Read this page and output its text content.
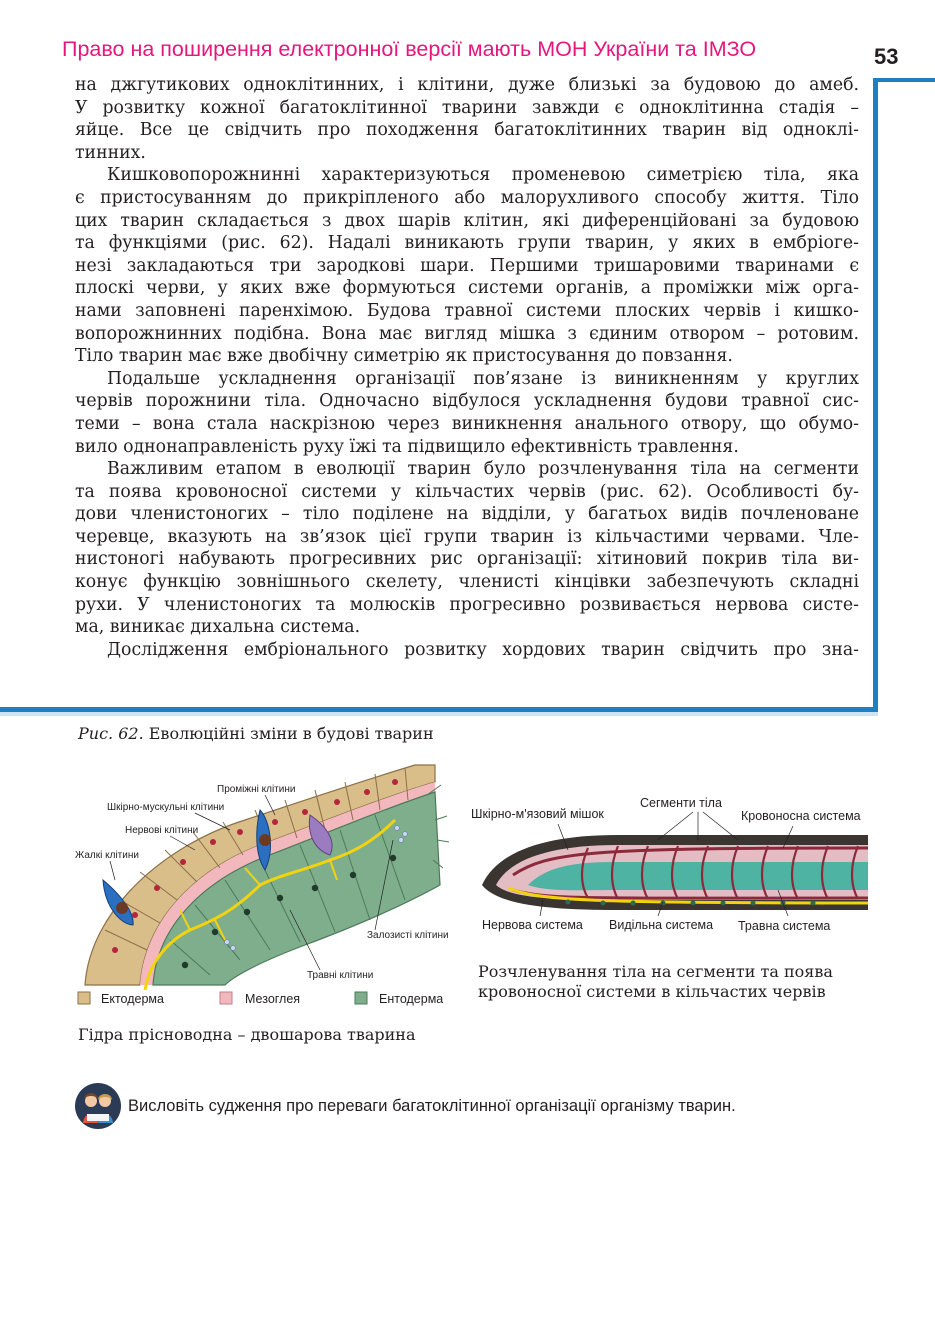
Право на поширення електронної версії мають МОН України та ІМЗО	53

на джгутикових одноклітинних, і клітини, дуже близькі за будовою до амеб.

У розвитку кожної багатоклітинної тварини завжди є одноклітинна стадія –

яйце. Все це свідчить про походження багатоклітинних тварин від одноклі-

тинних.

Кишковопорожнинні характеризуються променевою симетрією тіла, яка

є пристосуванням до прикріпленого або малорухливого способу життя. Тіло

цих тварин складається з двох шарів клітин, які диференційовані за будовою

та функціями (рис. 62). Надалі виникають групи тварин, у яких в ембріоге-

незі закладаються три зародкові шари. Першими тришаровими тваринами є

плоскі черви, у яких вже формуються системи органів, а проміжки між орга-

нами заповнені паренхімою. Будова травної системи плоских червів і кишко-

вопорожнинних подібна. Вона має вигляд мішка з єдиним отвором – ротовим.

Тіло тварин має вже двобічну симетрію як пристосування до повзання.

Подальше ускладнення організації пов’язане із виникненням у круглих

червів порожнини тіла. Одночасно відбулося ускладнення будови травної сис-

теми – вона стала наскрізною через виникнення анального отвору, що обумо-

вило однонаправленість руху їжі та підвищило ефективність травлення.

Важливим етапом в еволюції тварин було розчленування тіла на сегменти

та поява кровоносної системи у кільчастих червів (рис. 62). Особливості бу-

дови членистоногих – тіло поділене на відділи, у багатьох видів почленоване

черевце, вказують на зв’язок цієї групи тварин із кільчастими червами. Чле-

нистоногі набувають прогресивних рис організації: хітиновий покрив тіла ви-

конує функцію зовнішнього скелету, членисті кінцівки забезпечують складні

рухи. У членистоногих та молюсків прогресивно розвивається нервова систе-

ма, виникає дихальна система.

Дослідження ембріонального розвитку хордових тварин свідчить про зна-

Рис. 62. Еволюційні зміни в будові тварин
Проміжні клітини
Шкірно-мускульні клітини
Нервові клітини
Жалкі клітини
Залозисті клітини
Травні клітини
Ектодерма	Мезоглея	Ентодерма
Гідра прісноводна – двошарова тварина
Шкірно-м'язовий мішок
Сегменти тіла
Кровоносна система
Нервова система Видільна система Травна система
Розчленування тіла на сегменти та поява
кровоносної системи в кільчастих червів
Висловіть судження про переваги багатоклітинної організації організму тварин.
